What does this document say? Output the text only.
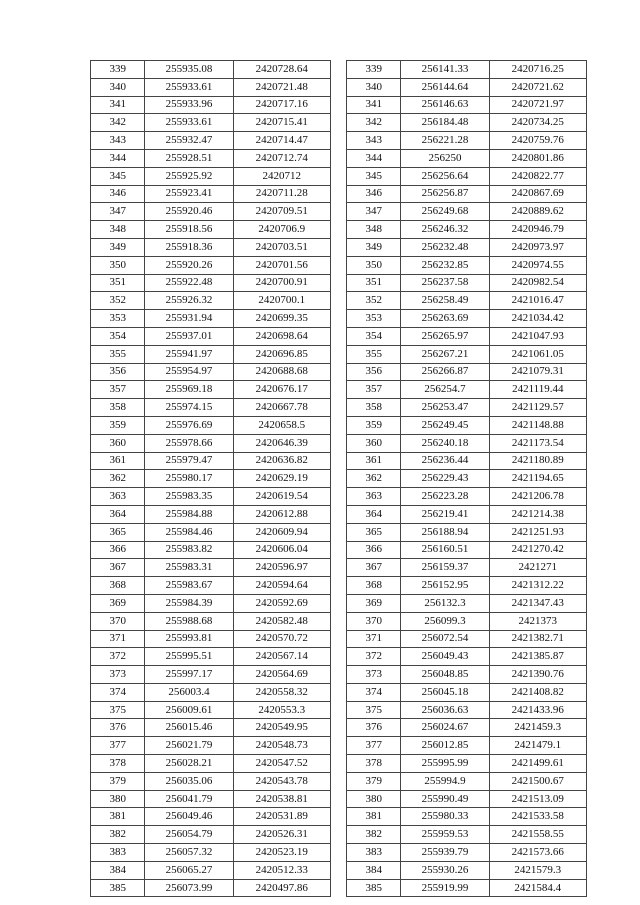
339	255935.08	2420728.64
340	255933.61	2420721.48
341	255933.96	2420717.16
342	255933.61	2420715.41
343	255932.47	2420714.47
344	255928.51	2420712.74
345	255925.92	2420712
346	255923.41	2420711.28
347	255920.46	2420709.51
348	255918.56	2420706.9
349	255918.36	2420703.51
350	255920.26	2420701.56
351	255922.48	2420700.91
352	255926.32	2420700.1
353	255931.94	2420699.35
354	255937.01	2420698.64
355	255941.97	2420696.85
356	255954.97	2420688.68
357	255969.18	2420676.17
358	255974.15	2420667.78
359	255976.69	2420658.5
360	255978.66	2420646.39
361	255979.47	2420636.82
362	255980.17	2420629.19
363	255983.35	2420619.54
364	255984.88	2420612.88
365	255984.46	2420609.94
366	255983.82	2420606.04
367	255983.31	2420596.97
368	255983.67	2420594.64
369	255984.39	2420592.69
370	255988.68	2420582.48
371	255993.81	2420570.72
372	255995.51	2420567.14
373	255997.17	2420564.69
374	256003.4	2420558.32
375	256009.61	2420553.3
376	256015.46	2420549.95
377	256021.79	2420548.73
378	256028.21	2420547.52
379	256035.06	2420543.78
380	256041.79	2420538.81
381	256049.46	2420531.89
382	256054.79	2420526.31
383	256057.32	2420523.19
384	256065.27	2420512.33
385	256073.99	2420497.86
339	256141.33	2420716.25
340	256144.64	2420721.62
341	256146.63	2420721.97
342	256184.48	2420734.25
343	256221.28	2420759.76
344	256250	2420801.86
345	256256.64	2420822.77
346	256256.87	2420867.69
347	256249.68	2420889.62
348	256246.32	2420946.79
349	256232.48	2420973.97
350	256232.85	2420974.55
351	256237.58	2420982.54
352	256258.49	2421016.47
353	256263.69	2421034.42
354	256265.97	2421047.93
355	256267.21	2421061.05
356	256266.87	2421079.31
357	256254.7	2421119.44
358	256253.47	2421129.57
359	256249.45	2421148.88
360	256240.18	2421173.54
361	256236.44	2421180.89
362	256229.43	2421194.65
363	256223.28	2421206.78
364	256219.41	2421214.38
365	256188.94	2421251.93
366	256160.51	2421270.42
367	256159.37	2421271
368	256152.95	2421312.22
369	256132.3	2421347.43
370	256099.3	2421373
371	256072.54	2421382.71
372	256049.43	2421385.87
373	256048.85	2421390.76
374	256045.18	2421408.82
375	256036.63	2421433.96
376	256024.67	2421459.3
377	256012.85	2421479.1
378	255995.99	2421499.61
379	255994.9	2421500.67
380	255990.49	2421513.09
381	255980.33	2421533.58
382	255959.53	2421558.55
383	255939.79	2421573.66
384	255930.26	2421579.3
385	255919.99	2421584.4
